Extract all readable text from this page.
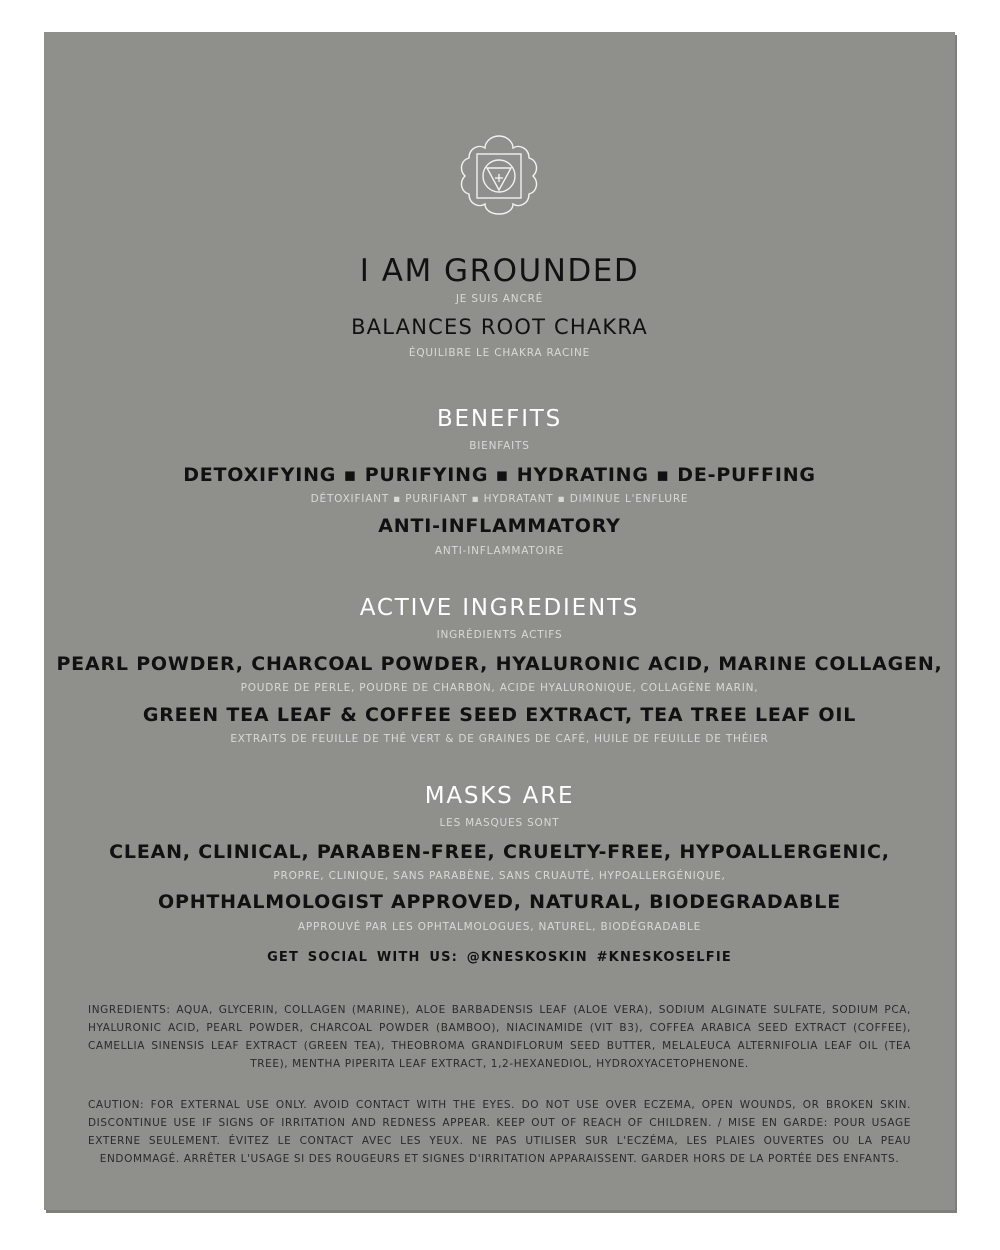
I AM GROUNDED

JE SUIS ANCRÉ

BALANCES ROOT CHAKRA

ÉQUILIBRE LE CHAKRA RACINE

BENEFITS

BIENFAITS

DETOXIFYING ▪ PURIFYING ▪ HYDRATING ▪ DE-PUFFING

DÉTOXIFIANT ▪ PURIFIANT ▪ HYDRATANT ▪ DIMINUE L'ENFLURE

ANTI-INFLAMMATORY

ANTI-INFLAMMATOIRE

ACTIVE INGREDIENTS

INGRÉDIENTS ACTIFS

PEARL POWDER, CHARCOAL POWDER, HYALURONIC ACID, MARINE COLLAGEN,

POUDRE DE PERLE, POUDRE DE CHARBON, ACIDE HYALURONIQUE, COLLAGÈNE MARIN,

GREEN TEA LEAF & COFFEE SEED EXTRACT, TEA TREE LEAF OIL

EXTRAITS DE FEUILLE DE THÉ VERT & DE GRAINES DE CAFÉ, HUILE DE FEUILLE DE THÉIER

MASKS ARE

LES MASQUES SONT

CLEAN, CLINICAL, PARABEN-FREE, CRUELTY-FREE, HYPOALLERGENIC,

PROPRE, CLINIQUE, SANS PARABÈNE, SANS CRUAUTÉ, HYPOALLERGÉNIQUE,

OPHTHALMOLOGIST APPROVED, NATURAL, BIODEGRADABLE

APPROUVÉ PAR LES OPHTALMOLOGUES, NATUREL, BIODÉGRADABLE

GET SOCIAL WITH US: @KNESKOSKIN #KNESKOSELFIE

INGREDIENTS: AQUA, GLYCERIN, COLLAGEN (MARINE), ALOE BARBADENSIS LEAF (ALOE VERA), SODIUM ALGINATE SULFATE, SODIUM PCA, HYALURONIC ACID, PEARL POWDER, CHARCOAL POWDER (BAMBOO), NIACINAMIDE (VIT B3), COFFEA ARABICA SEED EXTRACT (COFFEE), CAMELLIA SINENSIS LEAF EXTRACT (GREEN TEA), THEOBROMA GRANDIFLORUM SEED BUTTER, MELALEUCA ALTERNIFOLIA LEAF OIL (TEA TREE), MENTHA PIPERITA LEAF EXTRACT, 1,2-HEXANEDIOL, HYDROXYACETOPHENONE.

CAUTION: FOR EXTERNAL USE ONLY. AVOID CONTACT WITH THE EYES. DO NOT USE OVER ECZEMA, OPEN WOUNDS, OR BROKEN SKIN. DISCONTINUE USE IF SIGNS OF IRRITATION AND REDNESS APPEAR. KEEP OUT OF REACH OF CHILDREN. / MISE EN GARDE: POUR USAGE EXTERNE SEULEMENT. ÉVITEZ LE CONTACT AVEC LES YEUX. NE PAS UTILISER SUR L'ECZÉMA, LES PLAIES OUVERTES OU LA PEAU ENDOMMAGÉ. ARRÊTER L'USAGE SI DES ROUGEURS ET SIGNES D'IRRITATION APPARAISSENT. GARDER HORS DE LA PORTÉE DES ENFANTS.
